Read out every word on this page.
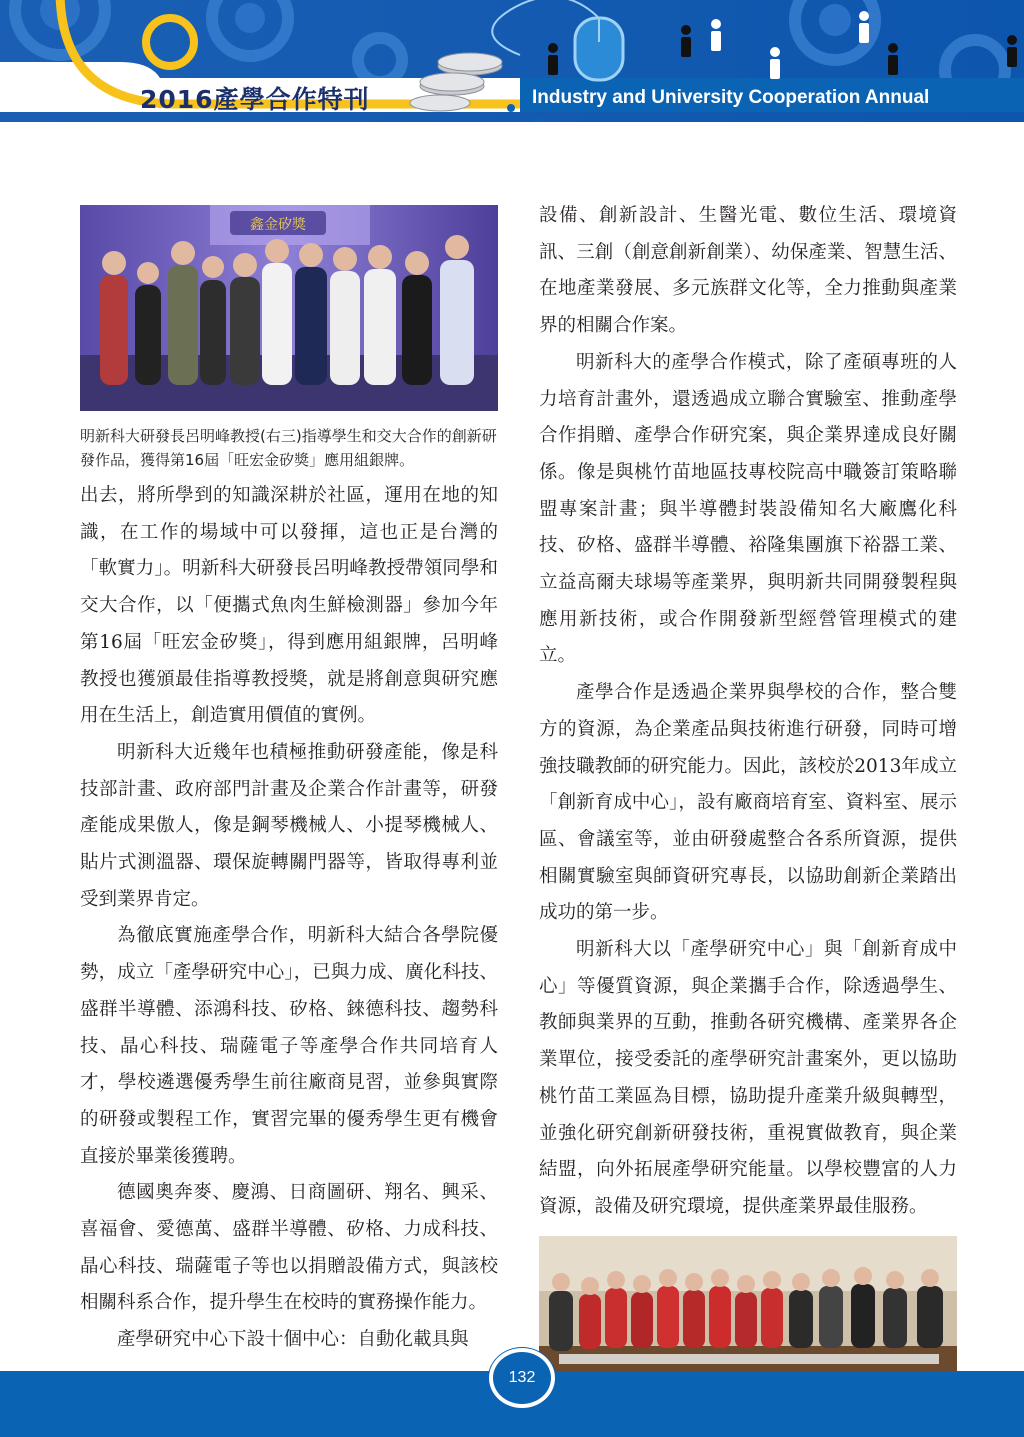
2016產學合作特刊	Industry and University Cooperation Annual
鑫金矽獎

明新科大研發長呂明峰教授(右三)指導學生和交大合作的創新研發作品，獲得第16屆「旺宏金矽獎」應用組銀牌。

出去，將所學到的知識深耕於社區，運用在地的知識，在工作的場域中可以發揮，這也正是台灣的「軟實力」。明新科大研發長呂明峰教授帶領同學和交大合作，以「便攜式魚肉生鮮檢測器」參加今年第16屆「旺宏金矽獎」，得到應用組銀牌，呂明峰教授也獲頒最佳指導教授獎，就是將創意與研究應用在生活上，創造實用價值的實例。

明新科大近幾年也積極推動研發產能，像是科技部計畫、政府部門計畫及企業合作計畫等，研發產能成果傲人，像是鋼琴機械人、小提琴機械人、貼片式測溫器、環保旋轉關門器等，皆取得專利並受到業界肯定。

為徹底實施產學合作，明新科大結合各學院優勢，成立「產學研究中心」，已與力成、廣化科技、盛群半導體、添鴻科技、矽格、錸德科技、趨勢科技、晶心科技、瑞薩電子等產學合作共同培育人才，學校遴選優秀學生前往廠商見習，並參與實際的研發或製程工作，實習完畢的優秀學生更有機會直接於畢業後獲聘。

德國奧奔麥、慶鴻、日商圖研、翔名、興采、喜福會、愛德萬、盛群半導體、矽格、力成科技、晶心科技、瑞薩電子等也以捐贈設備方式，與該校相關科系合作，提升學生在校時的實務操作能力。

產學研究中心下設十個中心：自動化載具與

設備、創新設計、生醫光電、數位生活、環境資訊、三創（創意創新創業）、幼保產業、智慧生活、在地產業發展、多元族群文化等，全力推動與產業界的相關合作案。

明新科大的產學合作模式，除了產碩專班的人力培育計畫外，還透過成立聯合實驗室、推動產學合作捐贈、產學合作研究案，與企業界達成良好關係。像是與桃竹苗地區技專校院高中職簽訂策略聯盟專案計畫；與半導體封裝設備知名大廠鷹化科技、矽格、盛群半導體、裕隆集團旗下裕器工業、立益高爾夫球場等產業界，與明新共同開發製程與應用新技術，或合作開發新型經營管理模式的建立。

產學合作是透過企業界與學校的合作，整合雙方的資源，為企業產品與技術進行研發，同時可增強技職教師的研究能力。因此，該校於2013年成立「創新育成中心」，設有廠商培育室、資料室、展示區、會議室等，並由研發處整合各系所資源，提供相關實驗室與師資研究專長，以協助創新企業踏出成功的第一步。

明新科大以「產學研究中心」與「創新育成中心」等優質資源，與企業攜手合作，除透過學生、教師與業界的互動，推動各研究機構、產業界各企業單位，接受委託的產學研究計畫案外，更以協助桃竹苗工業區為目標，協助提升產業升級與轉型，並強化研究創新研發技術，重視實做教育，與企業結盟，向外拓展產學研究能量。以學校豐富的人力資源，設備及研究環境，提供產業界最佳服務。

132
